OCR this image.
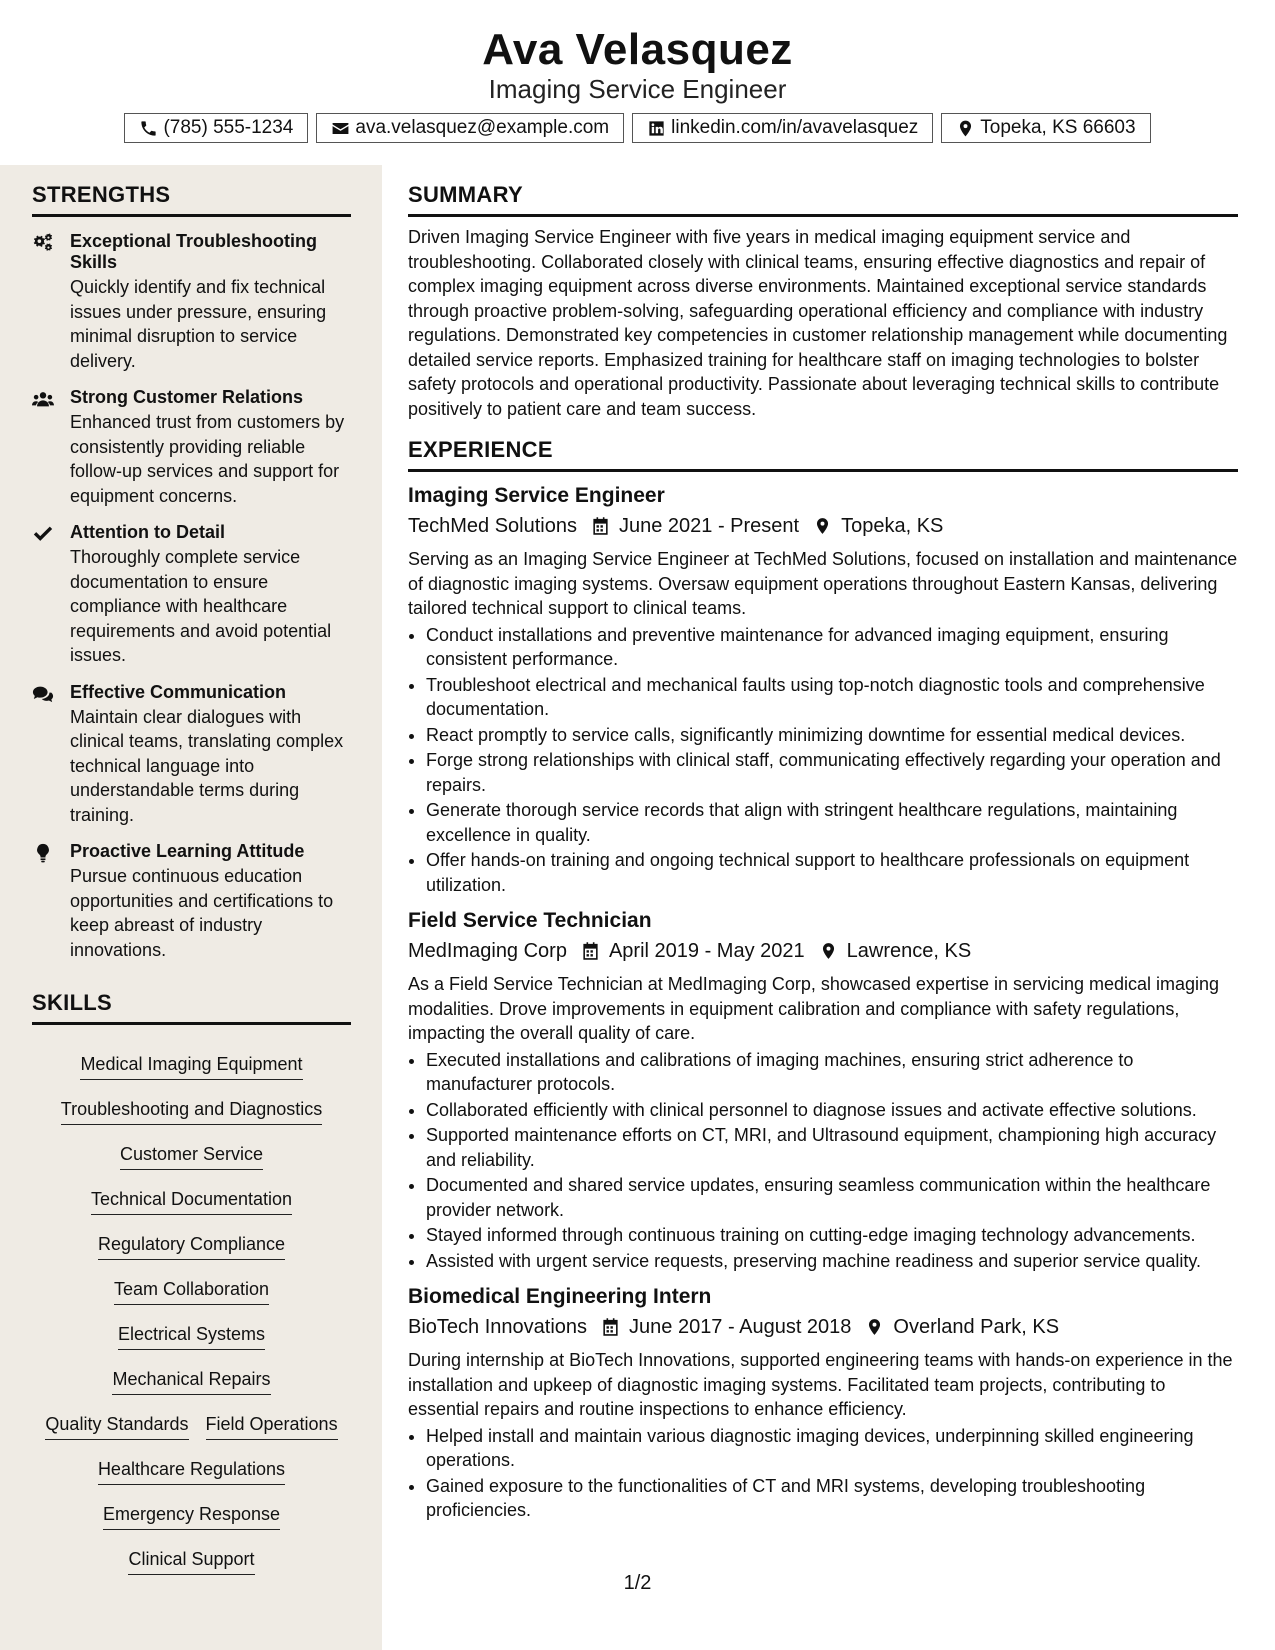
Ava Velasquez
Imaging Service Engineer
(785) 555-1234	ava.velasquez@example.com	linkedin.com/in/avavelasquez	Topeka, KS 66603
STRENGTHS
Exceptional Troubleshooting Skills
Quickly identify and fix technical issues under pressure, ensuring minimal disruption to service delivery.
Strong Customer Relations
Enhanced trust from customers by consistently providing reliable follow-up services and support for equipment concerns.
Attention to Detail
Thoroughly complete service documentation to ensure compliance with healthcare requirements and avoid potential issues.
Effective Communication
Maintain clear dialogues with clinical teams, translating complex technical language into understandable terms during training.
Proactive Learning Attitude
Pursue continuous education opportunities and certifications to keep abreast of industry innovations.
SKILLS
Medical Imaging Equipment
Troubleshooting and Diagnostics
Customer Service
Technical Documentation
Regulatory Compliance
Team Collaboration
Electrical Systems
Mechanical Repairs
Quality Standards Field Operations
Healthcare Regulations
Emergency Response
Clinical Support
SUMMARY
Driven Imaging Service Engineer with five years in medical imaging equipment service and troubleshooting. Collaborated closely with clinical teams, ensuring effective diagnostics and repair of complex imaging equipment across diverse environments. Maintained exceptional service standards through proactive problem-solving, safeguarding operational efficiency and compliance with industry regulations. Demonstrated key competencies in customer relationship management while documenting detailed service reports. Emphasized training for healthcare staff on imaging technologies to bolster safety protocols and operational productivity. Passionate about leveraging technical skills to contribute positively to patient care and team success.
EXPERIENCE
Imaging Service Engineer
TechMed Solutions June 2021 - Present Topeka, KS
Serving as an Imaging Service Engineer at TechMed Solutions, focused on installation and maintenance of diagnostic imaging systems. Oversaw equipment operations throughout Eastern Kansas, delivering tailored technical support to clinical teams.
• Conduct installations and preventive maintenance for advanced imaging equipment, ensuring consistent performance.
• Troubleshoot electrical and mechanical faults using top-notch diagnostic tools and comprehensive documentation.
• React promptly to service calls, significantly minimizing downtime for essential medical devices.
• Forge strong relationships with clinical staff, communicating effectively regarding your operation and repairs.
• Generate thorough service records that align with stringent healthcare regulations, maintaining excellence in quality.
• Offer hands-on training and ongoing technical support to healthcare professionals on equipment utilization.
Field Service Technician
MedImaging Corp April 2019 - May 2021 Lawrence, KS
As a Field Service Technician at MedImaging Corp, showcased expertise in servicing medical imaging modalities. Drove improvements in equipment calibration and compliance with safety regulations, impacting the overall quality of care.
• Executed installations and calibrations of imaging machines, ensuring strict adherence to manufacturer protocols.
• Collaborated efficiently with clinical personnel to diagnose issues and activate effective solutions.
• Supported maintenance efforts on CT, MRI, and Ultrasound equipment, championing high accuracy and reliability.
• Documented and shared service updates, ensuring seamless communication within the healthcare provider network.
• Stayed informed through continuous training on cutting-edge imaging technology advancements.
• Assisted with urgent service requests, preserving machine readiness and superior service quality.
Biomedical Engineering Intern
BioTech Innovations June 2017 - August 2018 Overland Park, KS
During internship at BioTech Innovations, supported engineering teams with hands-on experience in the installation and upkeep of diagnostic imaging systems. Facilitated team projects, contributing to essential repairs and routine inspections to enhance efficiency.
• Helped install and maintain various diagnostic imaging devices, underpinning skilled engineering operations.
• Gained exposure to the functionalities of CT and MRI systems, developing troubleshooting proficiencies.
1/2
